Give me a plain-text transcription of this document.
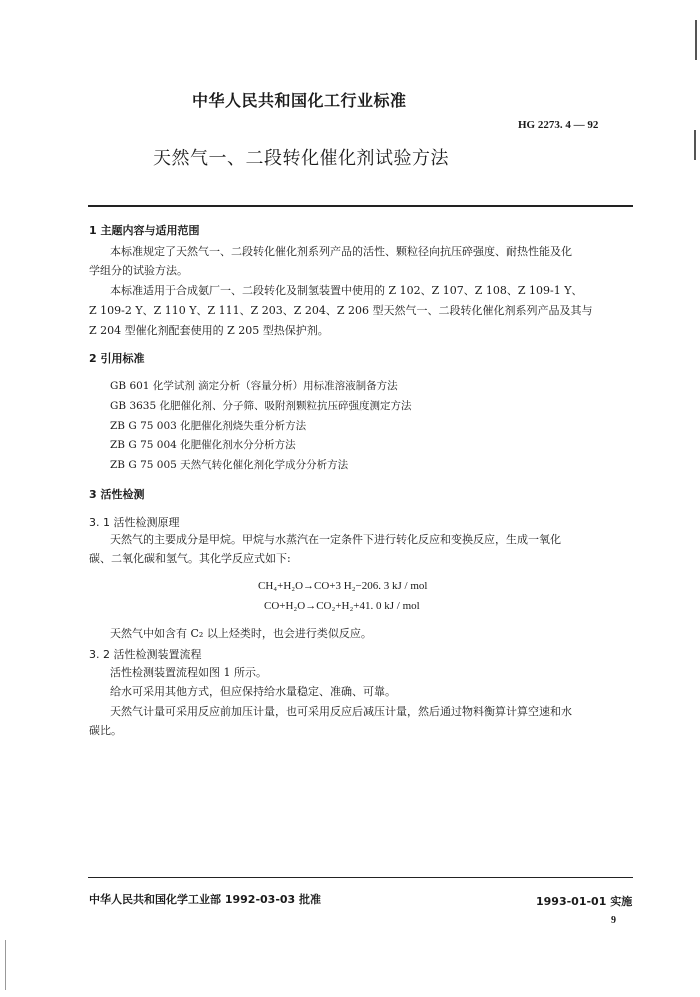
中华人民共和国化工行业标准
HG 2273. 4 — 92
天然气一、二段转化催化剂试验方法
1 主题内容与适用范围
本标准规定了天然气一、二段转化催化剂系列产品的活性、颗粒径向抗压碎强度、耐热性能及化
学组分的试验方法。
本标准适用于合成氨厂一、二段转化及制氢装置中使用的 Z 102、Z 107、Z 108、Z 109-1 Y、
Z 109-2 Y、Z 110 Y、Z 111、Z 203、Z 204、Z 206 型天然气一、二段转化催化剂系列产品及其与
Z 204 型催化剂配套使用的 Z 205 型热保护剂。
2 引用标准
GB 601 化学试剂 滴定分析（容量分析）用标准溶液制备方法
GB 3635 化肥催化剂、分子筛、吸附剂颗粒抗压碎强度测定方法
ZB G 75 003 化肥催化剂烧失重分析方法
ZB G 75 004 化肥催化剂水分分析方法
ZB G 75 005 天然气转化催化剂化学成分分析方法
3 活性检测
3. 1 活性检测原理
天然气的主要成分是甲烷。甲烷与水蒸汽在一定条件下进行转化反应和变换反应，生成一氧化
碳、二氧化碳和氢气。其化学反应式如下:
CH₄+H₂O→CO+3 H₂−206. 3 kJ / mol
CO+H₂O→CO₂+H₂+41. 0 kJ / mol
天然气中如含有 C₂ 以上烃类时，也会进行类似反应。
3. 2 活性检测装置流程
活性检测装置流程如图 1 所示。
给水可采用其他方式，但应保持给水量稳定、准确、可靠。
天然气计量可采用反应前加压计量，也可采用反应后减压计量，然后通过物料衡算计算空速和水
碳比。
中华人民共和国化学工业部 1992-03-03 批准	1993-01-01 实施
9
